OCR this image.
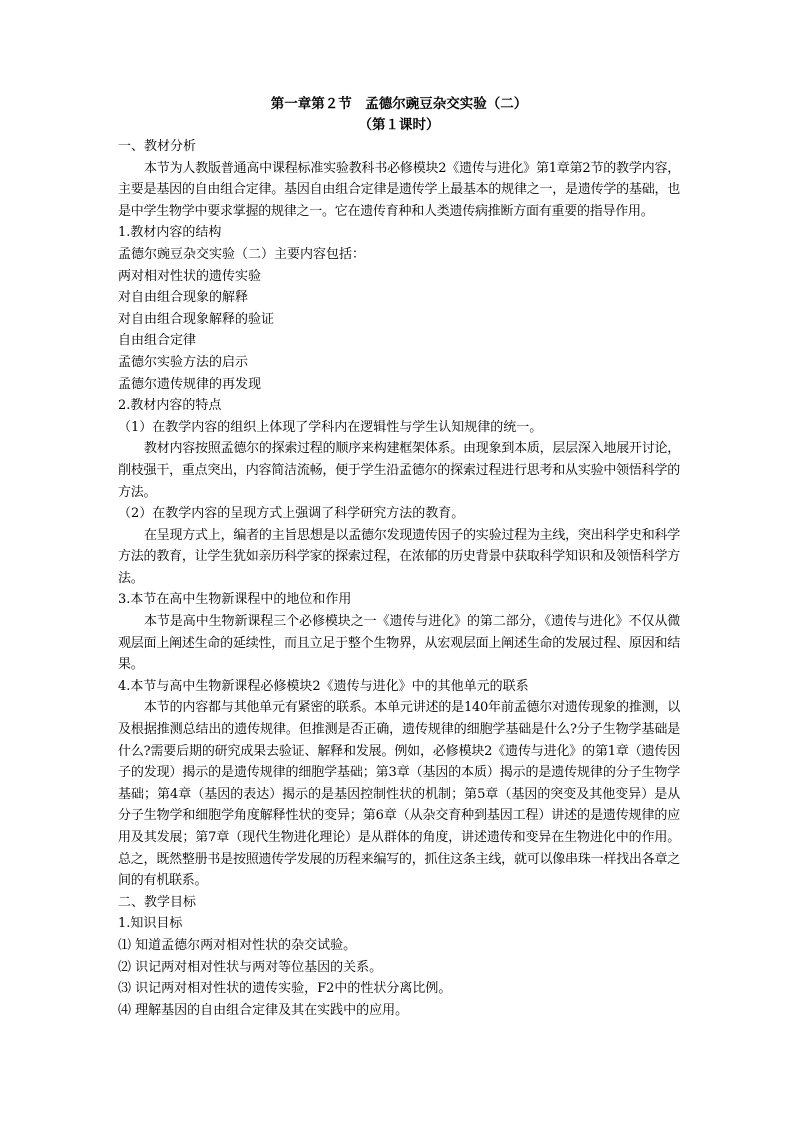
第一章第２节　孟德尔豌豆杂交实验（二）

（第１课时）

一、教材分析

本节为人教版普通高中课程标准实验教科书必修模块2《遗传与进化》第1章第2节的教学内容，主要是基因的自由组合定律。基因自由组合定律是遗传学上最基本的规律之一，是遗传学的基础，也是中学生物学中要求掌握的规律之一。它在遗传育种和人类遗传病推断方面有重要的指导作用。

1.教材内容的结构

孟德尔豌豆杂交实验（二）主要内容包括：

两对相对性状的遗传实验

对自由组合现象的解释

对自由组合现象解释的验证

自由组合定律

孟德尔实验方法的启示

孟德尔遗传规律的再发现

2.教材内容的特点

（1）在教学内容的组织上体现了学科内在逻辑性与学生认知规律的统一。

教材内容按照孟德尔的探索过程的顺序来构建框架体系。由现象到本质，层层深入地展开讨论，削枝强干，重点突出，内容简洁流畅，便于学生沿孟德尔的探索过程进行思考和从实验中领悟科学的方法。

（2）在教学内容的呈现方式上强调了科学研究方法的教育。

在呈现方式上，编者的主旨思想是以孟德尔发现遗传因子的实验过程为主线，突出科学史和科学方法的教育，让学生犹如亲历科学家的探索过程，在浓郁的历史背景中获取科学知识和及领悟科学方法。

3.本节在高中生物新课程中的地位和作用

本节是高中生物新课程三个必修模块之一《遗传与进化》的第二部分，《遗传与进化》不仅从微观层面上阐述生命的延续性，而且立足于整个生物界，从宏观层面上阐述生命的发展过程、原因和结果。

4.本节与高中生物新课程必修模块2《遗传与进化》中的其他单元的联系

本节的内容都与其他单元有紧密的联系。本单元讲述的是140年前孟德尔对遗传现象的推测，以及根据推测总结出的遗传规律。但推测是否正确，遗传规律的细胞学基础是什么?分子生物学基础是什么?需要后期的研究成果去验证、解释和发展。例如，必修模块2《遗传与进化》的第1章（遗传因子的发现）揭示的是遗传规律的细胞学基础；第3章（基因的本质）揭示的是遗传规律的分子生物学基础；第4章（基因的表达）揭示的是基因控制性状的机制；第5章（基因的突变及其他变异）是从分子生物学和细胞学角度解释性状的变异；第6章（从杂交育种到基因工程）讲述的是遗传规律的应用及其发展；第7章（现代生物进化理论）是从群体的角度，讲述遗传和变异在生物进化中的作用。总之，既然整册书是按照遗传学发展的历程来编写的，抓住这条主线，就可以像串珠一样找出各章之间的有机联系。

二、教学目标

1.知识目标

⑴ 知道孟德尔两对相对性状的杂交试验。

⑵ 识记两对相对性状与两对等位基因的关系。

⑶ 识记两对相对性状的遗传实验，F2中的性状分离比例。

⑷ 理解基因的自由组合定律及其在实践中的应用。
